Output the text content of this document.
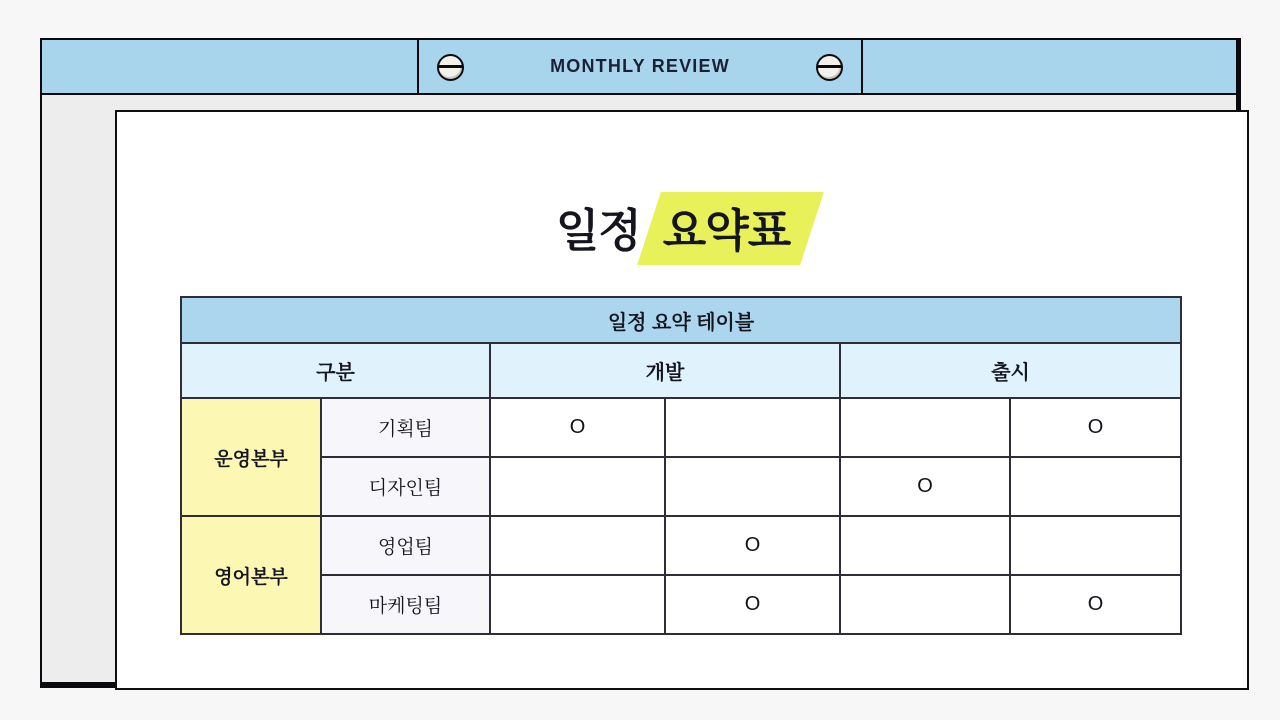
일정 요약표
일정 요약 테이블					
구분		개발		출시	
운영본부	기획팀	O			O
	디자인팀			O	
영어본부	영업팀		O		
	마케팅팀		O		O
MONTHLY REVIEW
